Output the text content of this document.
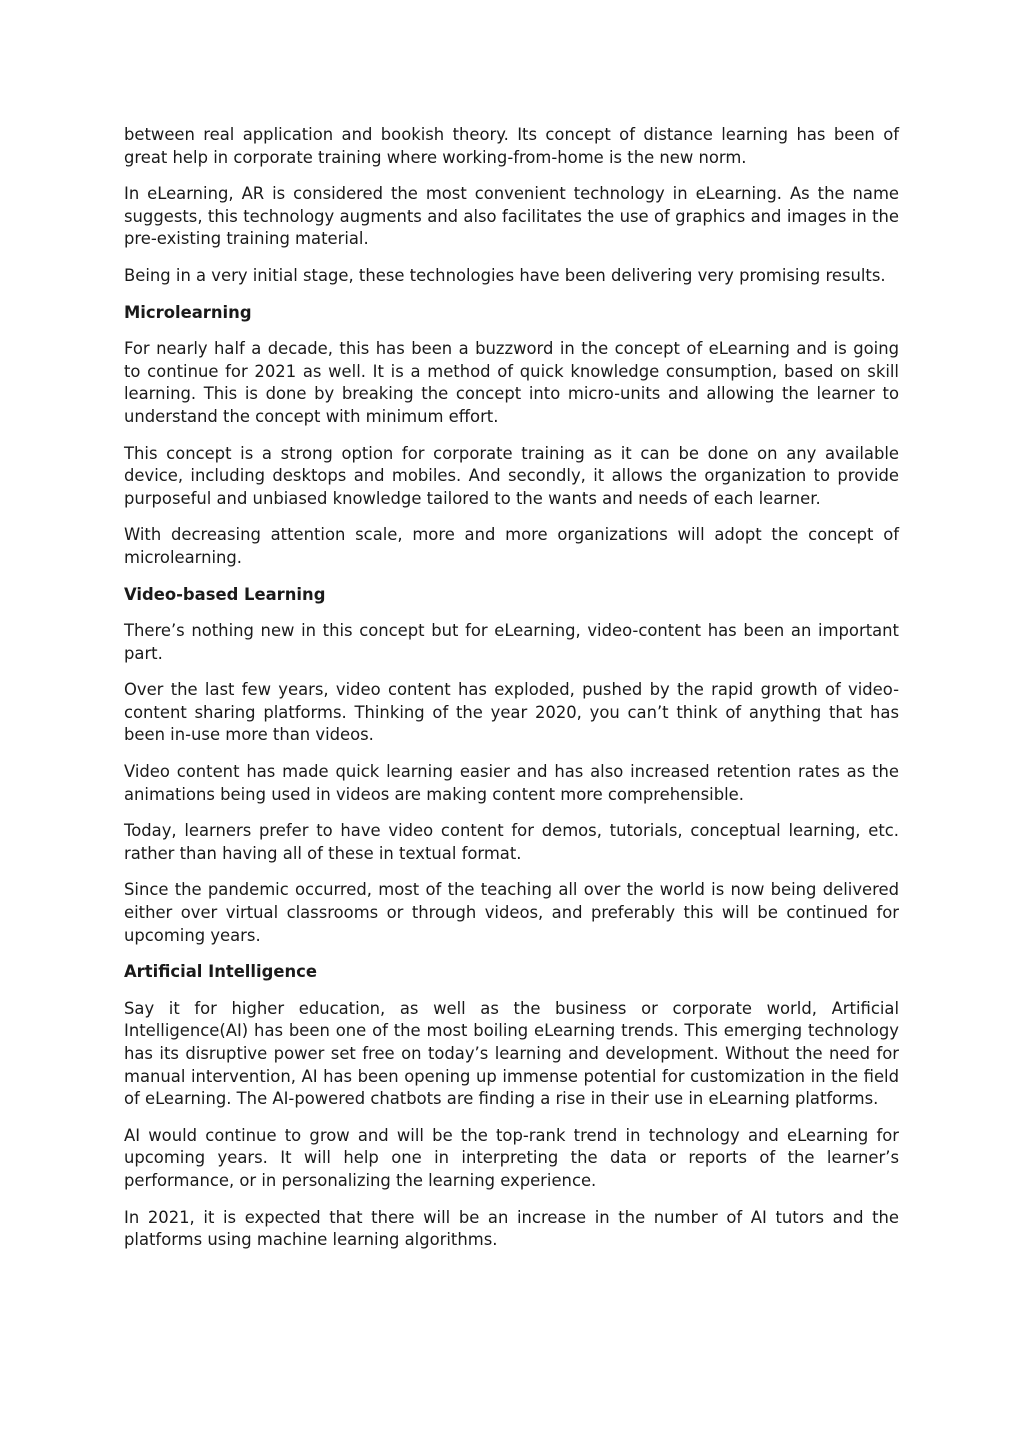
between real application and bookish theory. Its concept of distance learning has been of great help in corporate training where working-from-home is the new norm.

In eLearning, AR is considered the most convenient technology in eLearning. As the name suggests, this technology augments and also facilitates the use of graphics and images in the pre-existing training material.

Being in a very initial stage, these technologies have been delivering very promising results.

Microlearning

For nearly half a decade, this has been a buzzword in the concept of eLearning and is going to continue for 2021 as well. It is a method of quick knowledge consumption, based on skill learning. This is done by breaking the concept into micro-units and allowing the learner to understand the concept with minimum effort.

This concept is a strong option for corporate training as it can be done on any available device, including desktops and mobiles. And secondly, it allows the organization to provide purposeful and unbiased knowledge tailored to the wants and needs of each learner.

With decreasing attention scale, more and more organizations will adopt the concept of microlearning.

Video-based Learning

There’s nothing new in this concept but for eLearning, video-content has been an important part.

Over the last few years, video content has exploded, pushed by the rapid growth of video-content sharing platforms. Thinking of the year 2020, you can’t think of anything that has been in-use more than videos.

Video content has made quick learning easier and has also increased retention rates as the animations being used in videos are making content more comprehensible.

Today, learners prefer to have video content for demos, tutorials, conceptual learning, etc. rather than having all of these in textual format.

Since the pandemic occurred, most of the teaching all over the world is now being delivered either over virtual classrooms or through videos, and preferably this will be continued for upcoming years.

Artificial Intelligence

Say it for higher education, as well as the business or corporate world, Artificial Intelligence(AI) has been one of the most boiling eLearning trends. This emerging technology has its disruptive power set free on today’s learning and development. Without the need for manual intervention, AI has been opening up immense potential for customization in the field of eLearning. The AI-powered chatbots are finding a rise in their use in eLearning platforms.

AI would continue to grow and will be the top-rank trend in technology and eLearning for upcoming years. It will help one in interpreting the data or reports of the learner’s performance, or in personalizing the learning experience.

In 2021, it is expected that there will be an increase in the number of AI tutors and the platforms using machine learning algorithms.
